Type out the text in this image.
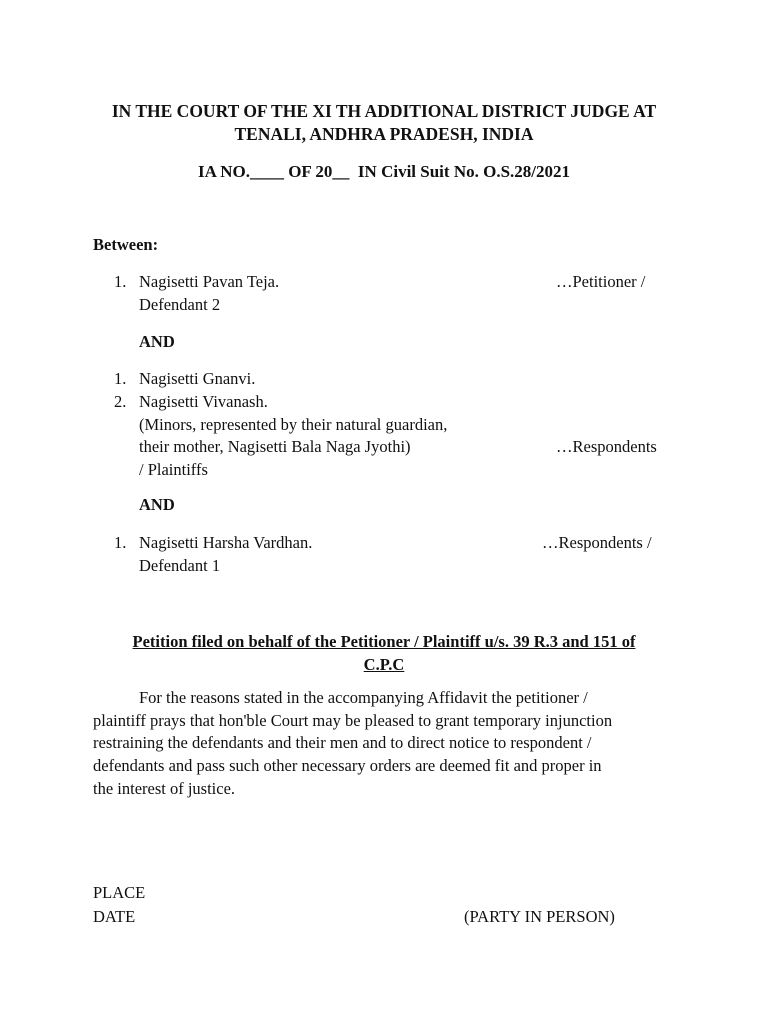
IN THE COURT OF THE XI TH ADDITIONAL DISTRICT JUDGE AT
TENALI, ANDHRA PRADESH, INDIA
IA NO.____ OF 20__  IN Civil Suit No. O.S.28/2021
Between:
1. Nagisetti Pavan Teja.
Defendant 2
…Petitioner /
AND
1. Nagisetti Gnanvi.
2. Nagisetti Vivanash.
(Minors, represented by their natural guardian,
their mother, Nagisetti Bala Naga Jyothi)
/ Plaintiffs
…Respondents
AND
1. Nagisetti Harsha Vardhan.
Defendant 1
…Respondents /
Petition filed on behalf of the Petitioner / Plaintiff u/s. 39 R.3 and 151 of
C.P.C
For the reasons stated in the accompanying Affidavit the petitioner /
plaintiff prays that hon'ble Court may be pleased to grant temporary injunction
restraining the defendants and their men and to direct notice to respondent /
defendants and pass such other necessary orders are deemed fit and proper in
the interest of justice.
PLACE
DATE	(PARTY IN PERSON)
